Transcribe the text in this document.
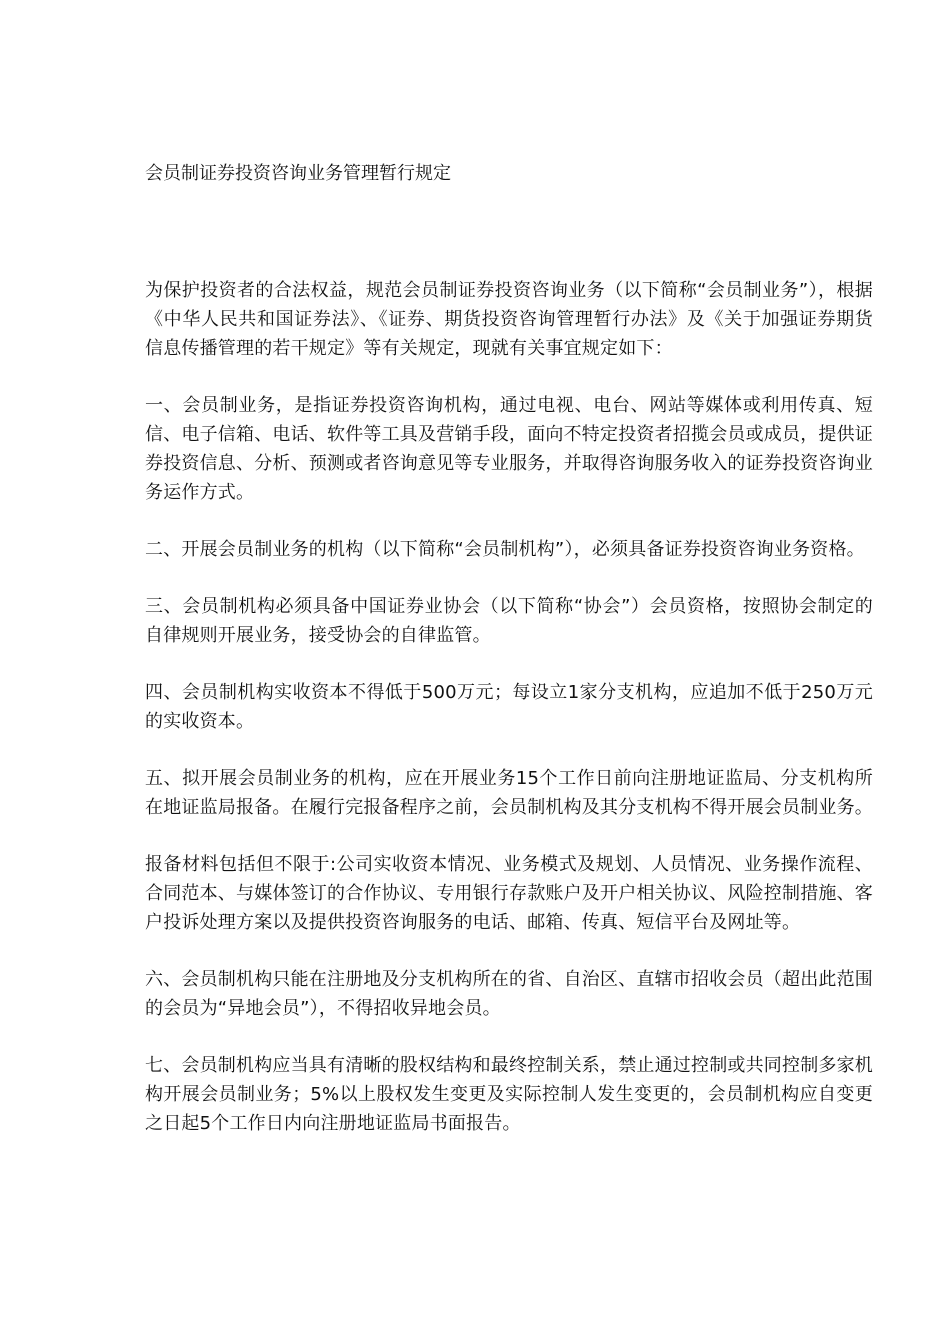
会员制证券投资咨询业务管理暂行规定

为保护投资者的合法权益，规范会员制证券投资咨询业务（以下简称“会员制业务”），根据《中华人民共和国证券法》、《证券、期货投资咨询管理暂行办法》及《关于加强证券期货信息传播管理的若干规定》等有关规定，现就有关事宜规定如下：

一、会员制业务，是指证券投资咨询机构，通过电视、电台、网站等媒体或利用传真、短信、电子信箱、电话、软件等工具及营销手段，面向不特定投资者招揽会员或成员，提供证券投资信息、分析、预测或者咨询意见等专业服务，并取得咨询服务收入的证券投资咨询业务运作方式。

二、开展会员制业务的机构（以下简称“会员制机构”），必须具备证券投资咨询业务资格。

三、会员制机构必须具备中国证券业协会（以下简称“协会”）会员资格，按照协会制定的自律规则开展业务，接受协会的自律监管。

四、会员制机构实收资本不得低于500万元；每设立1家分支机构，应追加不低于250万元的实收资本。

五、拟开展会员制业务的机构，应在开展业务15个工作日前向注册地证监局、分支机构所在地证监局报备。在履行完报备程序之前，会员制机构及其分支机构不得开展会员制业务。

报备材料包括但不限于:公司实收资本情况、业务模式及规划、人员情况、业务操作流程、合同范本、与媒体签订的合作协议、专用银行存款账户及开户相关协议、风险控制措施、客户投诉处理方案以及提供投资咨询服务的电话、邮箱、传真、短信平台及网址等。

六、会员制机构只能在注册地及分支机构所在的省、自治区、直辖市招收会员（超出此范围的会员为“异地会员”），不得招收异地会员。

七、会员制机构应当具有清晰的股权结构和最终控制关系，禁止通过控制或共同控制多家机构开展会员制业务；5%以上股权发生变更及实际控制人发生变更的，会员制机构应自变更之日起5个工作日内向注册地证监局书面报告。
